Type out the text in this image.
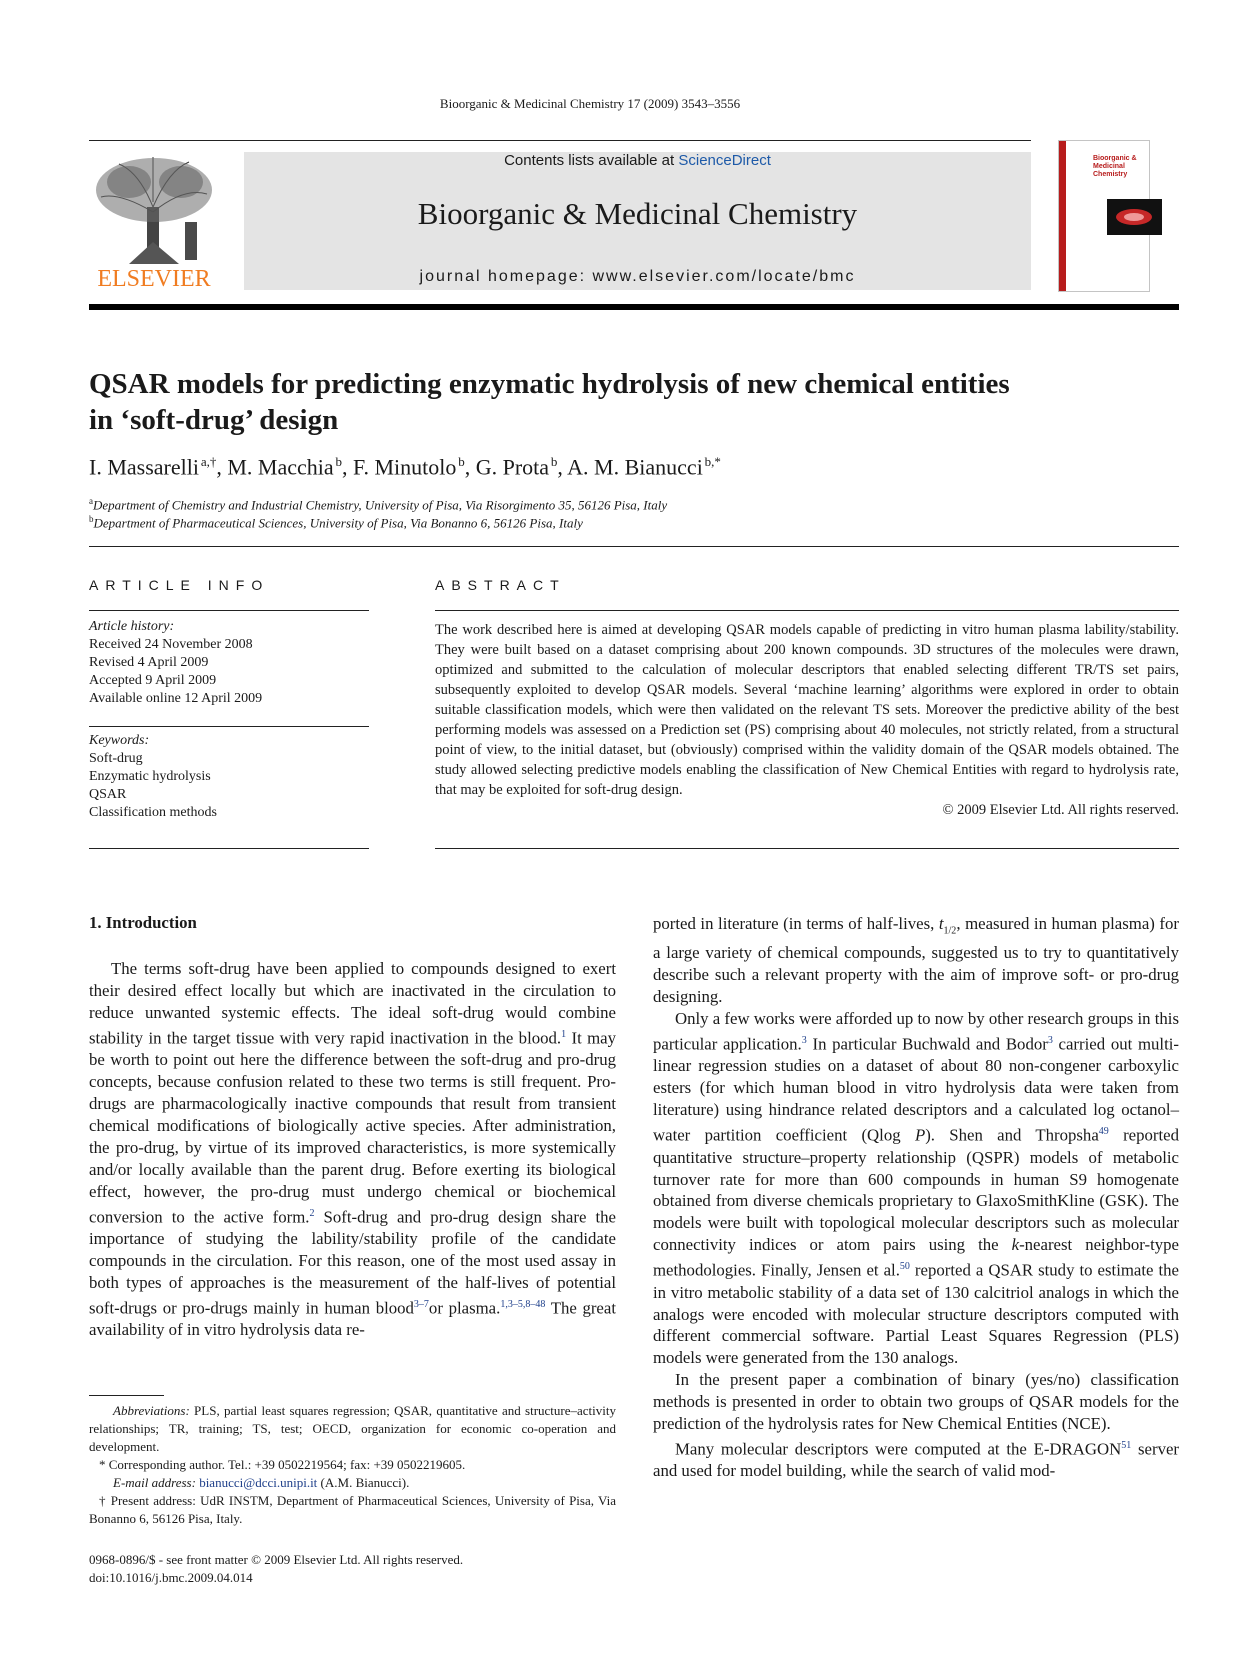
Bioorganic & Medicinal Chemistry 17 (2009) 3543–3556
ELSEVIER
Contents lists available at ScienceDirect
Bioorganic & Medicinal Chemistry
journal homepage: www.elsevier.com/locate/bmc
Bioorganic & Medicinal Chemistry
QSAR models for predicting enzymatic hydrolysis of new chemical entities
in ‘soft-drug’ design
I. Massarelli  $^{a,\dagger}$, M. Macchia  $^b$, F. Minutolo  $^b$, G. Prota  $^b$, A. M. Bianucci  $^{b,*}$
$^a$Department of Chemistry and Industrial Chemistry, University of Pisa, Via Risorgimento 35, 56126 Pisa, Italy
$^b$Department of Pharmaceutical Sciences, University of Pisa, Via Bonanno 6, 56126 Pisa, Italy
ARTICLE INFO
Article history:
Received 24 November 2008
Revised 4 April 2009
Accepted 9 April 2009
Available online 12 April 2009
Keywords:
Soft-drug
Enzymatic hydrolysis
QSAR
Classification methods
ABSTRACT
The work described here is aimed at developing QSAR models capable of predicting in vitro human plasma lability/stability. They were built based on a dataset comprising about 200 known compounds. 3D structures of the molecules were drawn, optimized and submitted to the calculation of molecular descriptors that enabled selecting different TR/TS set pairs, subsequently exploited to develop QSAR models. Several ‘machine learning’ algorithms were explored in order to obtain suitable classification models, which were then validated on the relevant TS sets. Moreover the predictive ability of the best performing models was assessed on a Prediction set (PS) comprising about 40 molecules, not strictly related, from a structural point of view, to the initial dataset, but (obviously) comprised within the validity domain of the QSAR models obtained. The study allowed selecting predictive models enabling the classification of New Chemical Entities with regard to hydrolysis rate, that may be exploited for soft-drug design.
© 2009 Elsevier Ltd. All rights reserved.
1. Introduction

The terms soft-drug have been applied to compounds designed to exert their desired effect locally but which are inactivated in the circulation to reduce unwanted systemic effects. The ideal soft-drug would combine stability in the target tissue with very rapid inactivation in the blood.$^1$ It may be worth to point out here the difference between the soft-drug and pro-drug concepts, because confusion related to these two terms is still frequent. Pro-drugs are pharmacologically inactive compounds that result from transient chemical modifications of biologically active species. After administration, the pro-drug, by virtue of its improved characteristics, is more systemically and/or locally available than the parent drug. Before exerting its biological effect, however, the pro-drug must undergo chemical or biochemical conversion to the active form.$^2$ Soft-drug and pro-drug design share the importance of studying the lability/stability profile of the candidate compounds in the circulation. For this reason, one of the most used assay in both types of approaches is the measurement of the half-lives of potential soft-drugs or pro-drugs mainly in human blood$^{3-7}$or plasma.$^{1,3-5,8-48}$ The great availability of in vitro hydrolysis data re-

Abbreviations: PLS, partial least squares regression; QSAR, quantitative and structure–activity relationships; TR, training; TS, test; OECD, organization for economic co-operation and development.

* Corresponding author. Tel.: +39 0502219564; fax: +39 0502219605.

E-mail address: bianucci@dcci.unipi.it (A.M. Bianucci).

† Present address: UdR INSTM, Department of Pharmaceutical Sciences, University of Pisa, Via Bonanno 6, 56126 Pisa, Italy.

0968-0896/$ - see front matter © 2009 Elsevier Ltd. All rights reserved.
doi:10.1016/j.bmc.2009.04.014

ported in literature (in terms of half-lives, $t_{1/2}$, measured in human plasma) for a large variety of chemical compounds, suggested us to try to quantitatively describe such a relevant property with the aim of improve soft- or pro-drug designing.

Only a few works were afforded up to now by other research groups in this particular application.$^3$ In particular Buchwald and Bodor$^3$ carried out multi-linear regression studies on a dataset of about 80 non-congener carboxylic esters (for which human blood in vitro hydrolysis data were taken from literature) using hindrance related descriptors and a calculated log octanol–water partition coefficient (Qlog P). Shen and Thropsha$^{49}$ reported quantitative structure–property relationship (QSPR) models of metabolic turnover rate for more than 600 compounds in human S9 homogenate obtained from diverse chemicals proprietary to GlaxoSmithKline (GSK). The models were built with topological molecular descriptors such as molecular connectivity indices or atom pairs using the k-nearest neighbor-type methodologies. Finally, Jensen et al.$^{50}$ reported a QSAR study to estimate the in vitro metabolic stability of a data set of 130 calcitriol analogs in which the analogs were encoded with molecular structure descriptors computed with different commercial software. Partial Least Squares Regression (PLS) models were generated from the 130 analogs.

In the present paper a combination of binary (yes/no) classification methods is presented in order to obtain two groups of QSAR models for the prediction of the hydrolysis rates for New Chemical Entities (NCE).

Many molecular descriptors were computed at the E-DRAGON$^{51}$ server and used for model building, while the search of valid mod-
